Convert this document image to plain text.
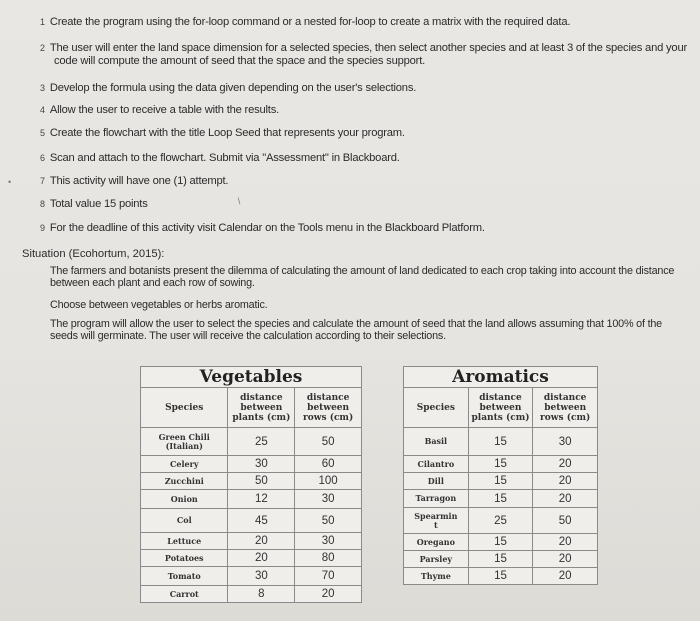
1 Create the program using the for-loop command or a nested for-loop to create a matrix with the required data.
2 The user will enter the land space dimension for a selected species, then select another species and at least 3 of the species and your
code will compute the amount of seed that the space and the species support.
3 Develop the formula using the data given depending on the user's selections.
4 Allow the user to receive a table with the results.
5 Create the flowchart with the title Loop Seed that represents your program.
6 Scan and attach to the flowchart. Submit via "Assessment" in Blackboard.
7 This activity will have one (1) attempt.
8 Total value 15 points
9 For the deadline of this activity visit Calendar on the Tools menu in the Blackboard Platform.
•
/
Situation (Ecohortum, 2015):
The farmers and botanists present the dilemma of calculating the amount of land dedicated to each crop taking into account the distance
between each plant and each row of sowing.
Choose between vegetables or herbs aromatic.
The program will allow the user to select the species and calculate the amount of seed that the land allows assuming that 100% of the
seeds will germinate. The user will receive the calculation according to their selections.
Vegetables		
Species	distance
between
plants (cm)	distance
between
rows (cm)
Green Chili
(Italian)	25	50
Celery	30	60
Zucchini	50	100
Onion	12	30
Col	45	50
Lettuce	20	30
Potatoes	20	80
Tomato	30	70
Carrot	8	20
Aromatics		
Species	distance
between
plants (cm)	distance
between
rows (cm)
Basil	15	30
Cilantro	15	20
Dill	15	20
Tarragon	15	20
Spearmin
t	25	50
Oregano	15	20
Parsley	15	20
Thyme	15	20
